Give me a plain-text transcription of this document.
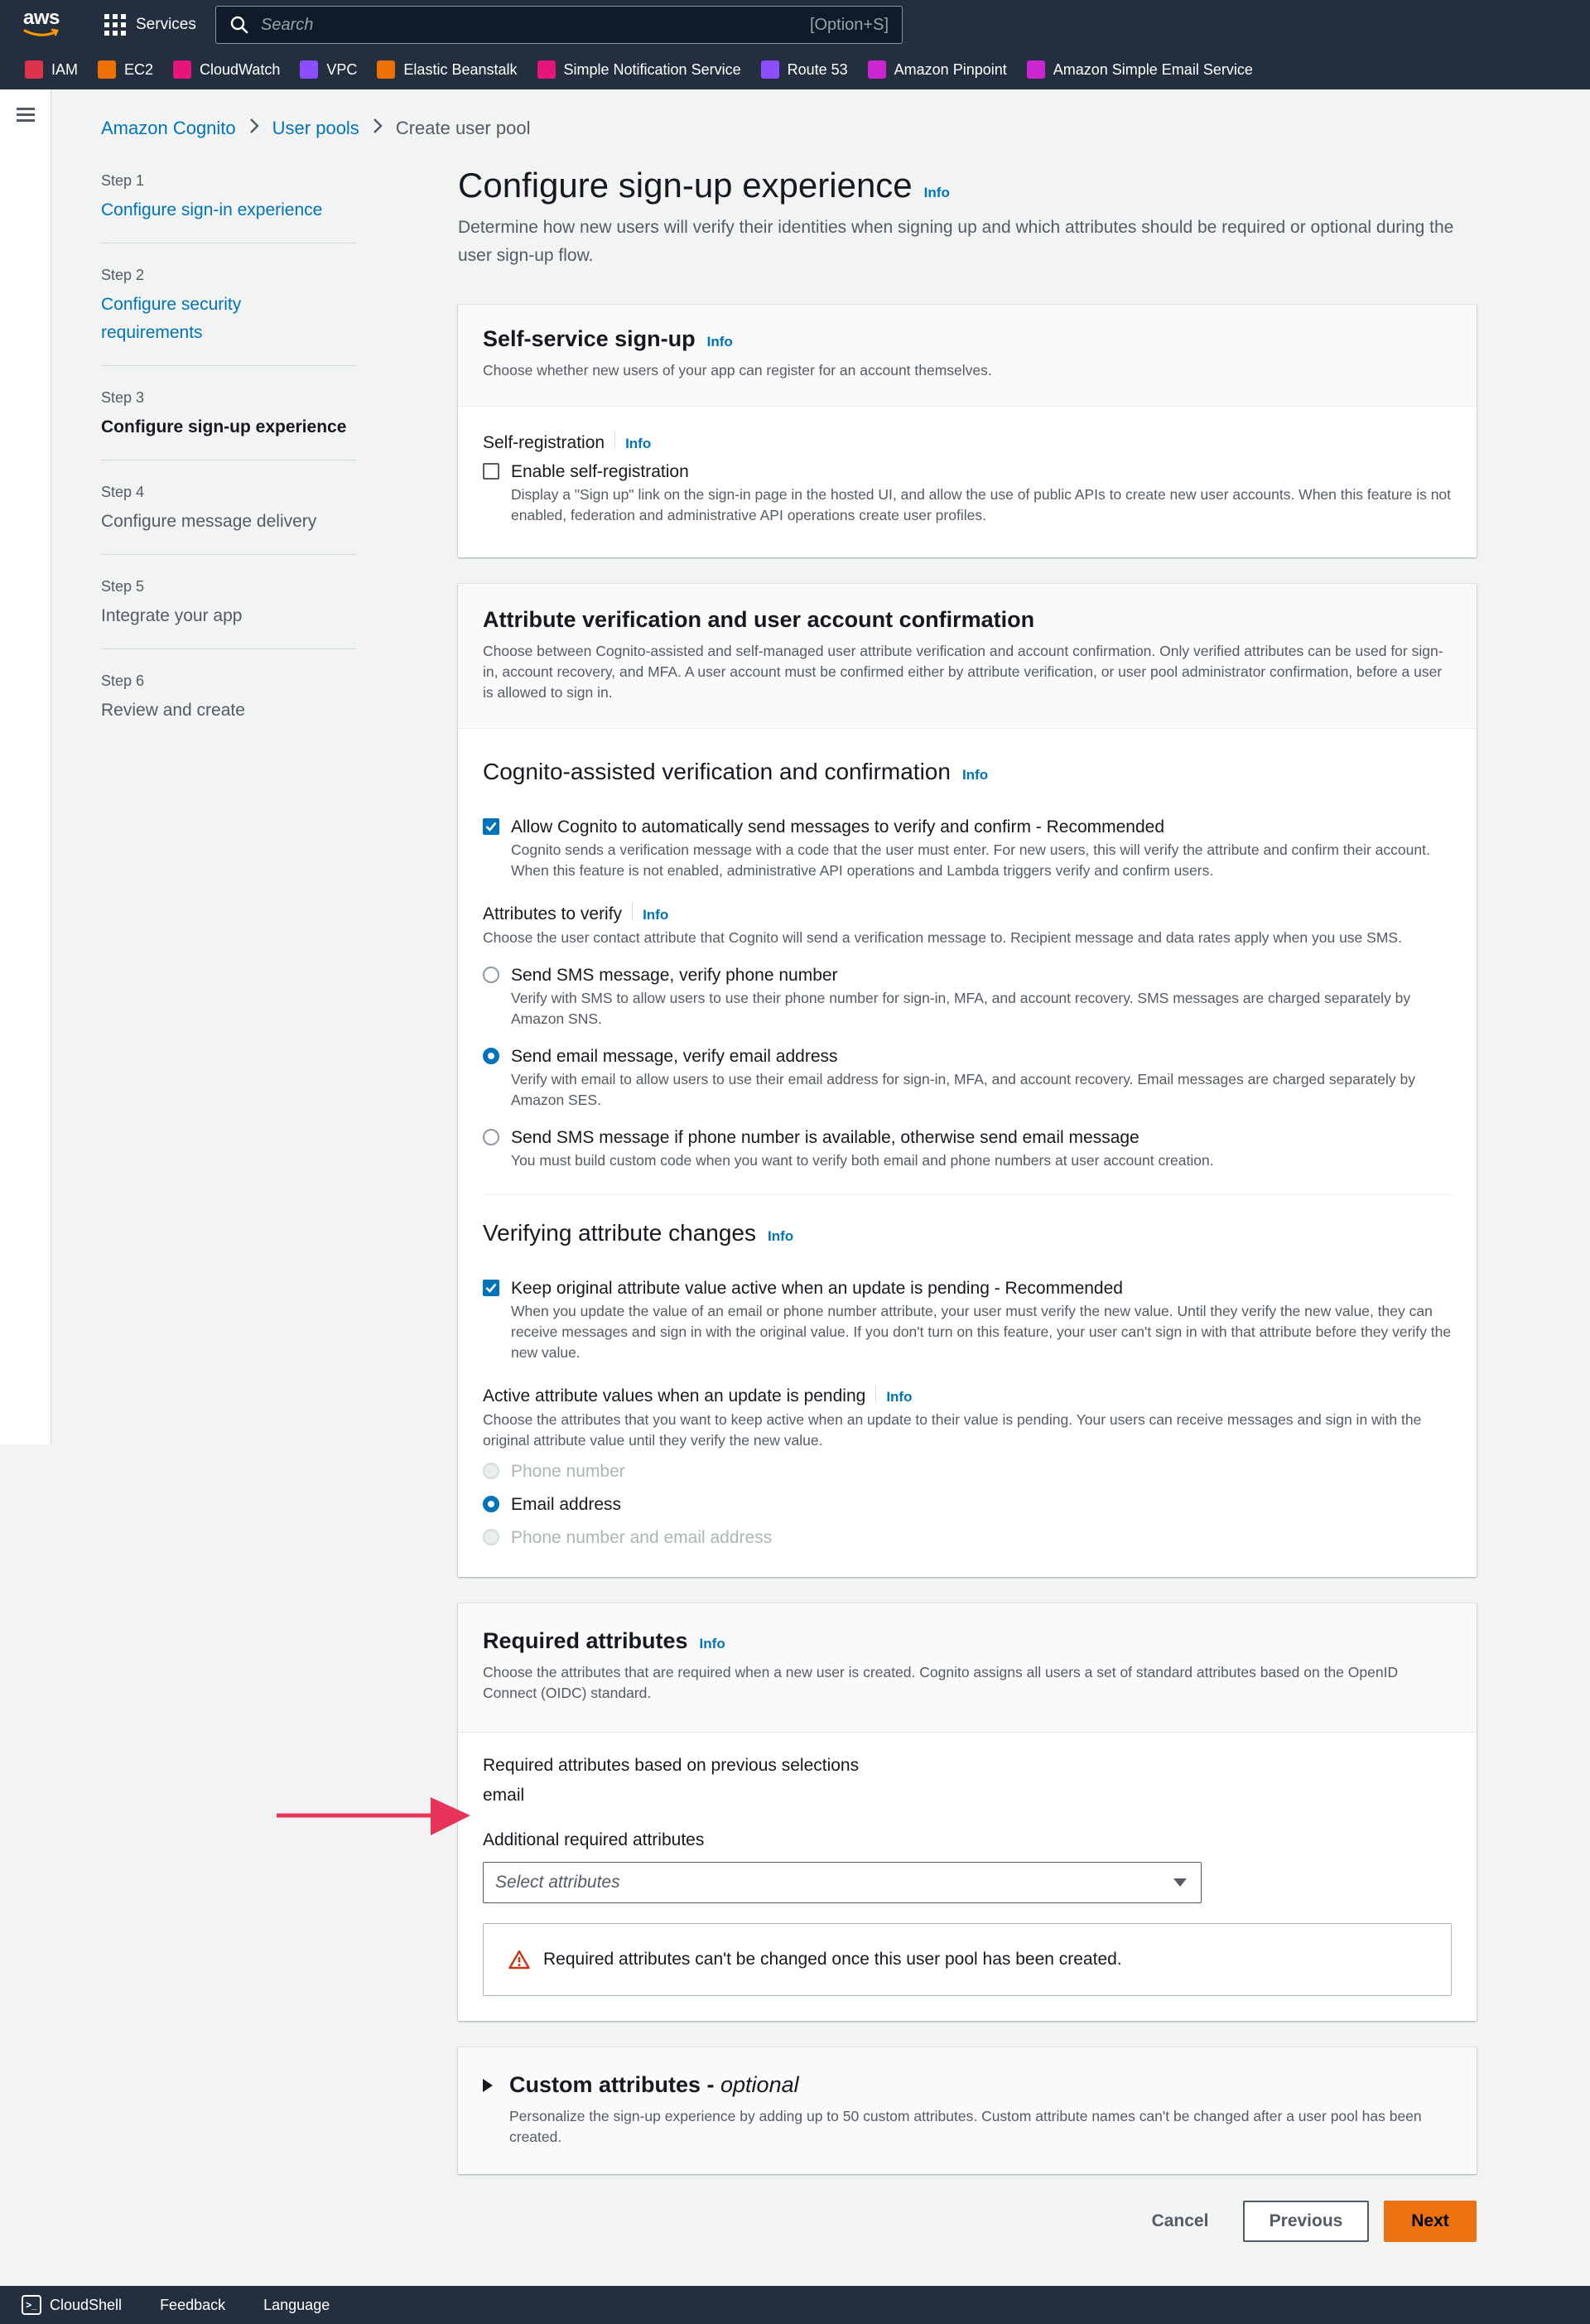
aws	Services	Search	[Option+S]
IAM	EC2	CloudWatch	VPC	Elastic Beanstalk	Simple Notification Service	Route 53	Amazon Pinpoint	Amazon Simple Email Service
Amazon Cognito User pools Create user pool
Step 1
Configure sign-in experience
Step 2
Configure security requirements
Step 3
Configure sign-up experience
Step 4
Configure message delivery
Step 5
Integrate your app
Step 6
Review and create
Configure sign-up experience Info

Determine how new users will verify their identities when signing up and which attributes should be required or optional during the user sign-up flow.

Self-service sign-up Info

Choose whether new users of your app can register for an account themselves.

Self-registration Info
Enable self-registration
Display a "Sign up" link on the sign-in page in the hosted UI, and allow the use of public APIs to create new user accounts. When this feature is not enabled, federation and administrative API operations create user profiles.
Attribute verification and user account confirmation

Choose between Cognito-assisted and self-managed user attribute verification and account confirmation. Only verified attributes can be used for sign-in, account recovery, and MFA. A user account must be confirmed either by attribute verification, or user pool administrator confirmation, before a user is allowed to sign in.

Cognito-assisted verification and confirmation Info
Allow Cognito to automatically send messages to verify and confirm - Recommended
Cognito sends a verification message with a code that the user must enter. For new users, this will verify the attribute and confirm their account. When this feature is not enabled, administrative API operations and Lambda triggers verify and confirm users.
Attributes to verify Info
Choose the user contact attribute that Cognito will send a verification message to. Recipient message and data rates apply when you use SMS.
Send SMS message, verify phone number
Verify with SMS to allow users to use their phone number for sign-in, MFA, and account recovery. SMS messages are charged separately by Amazon SNS.
Send email message, verify email address
Verify with email to allow users to use their email address for sign-in, MFA, and account recovery. Email messages are charged separately by Amazon SES.
Send SMS message if phone number is available, otherwise send email message
You must build custom code when you want to verify both email and phone numbers at user account creation.
Verifying attribute changes Info
Keep original attribute value active when an update is pending - Recommended
When you update the value of an email or phone number attribute, your user must verify the new value. Until they verify the new value, they can receive messages and sign in with the original value. If you don't turn on this feature, your user can't sign in with that attribute before they verify the new value.
Active attribute values when an update is pending Info
Choose the attributes that you want to keep active when an update to their value is pending. Your users can receive messages and sign in with the original attribute value until they verify the new value.
Phone number
Email address
Phone number and email address
Required attributes Info

Choose the attributes that are required when a new user is created. Cognito assigns all users a set of standard attributes based on the OpenID Connect (OIDC) standard.

Required attributes based on previous selections
email
Additional required attributes
Select attributes
Required attributes can't be changed once this user pool has been created.
Custom attributes - optional

Personalize the sign-up experience by adding up to 50 custom attributes. Custom attribute names can't be changed after a user pool has been created.

Cancel	Previous	Next
>_ CloudShell	Feedback	Language
